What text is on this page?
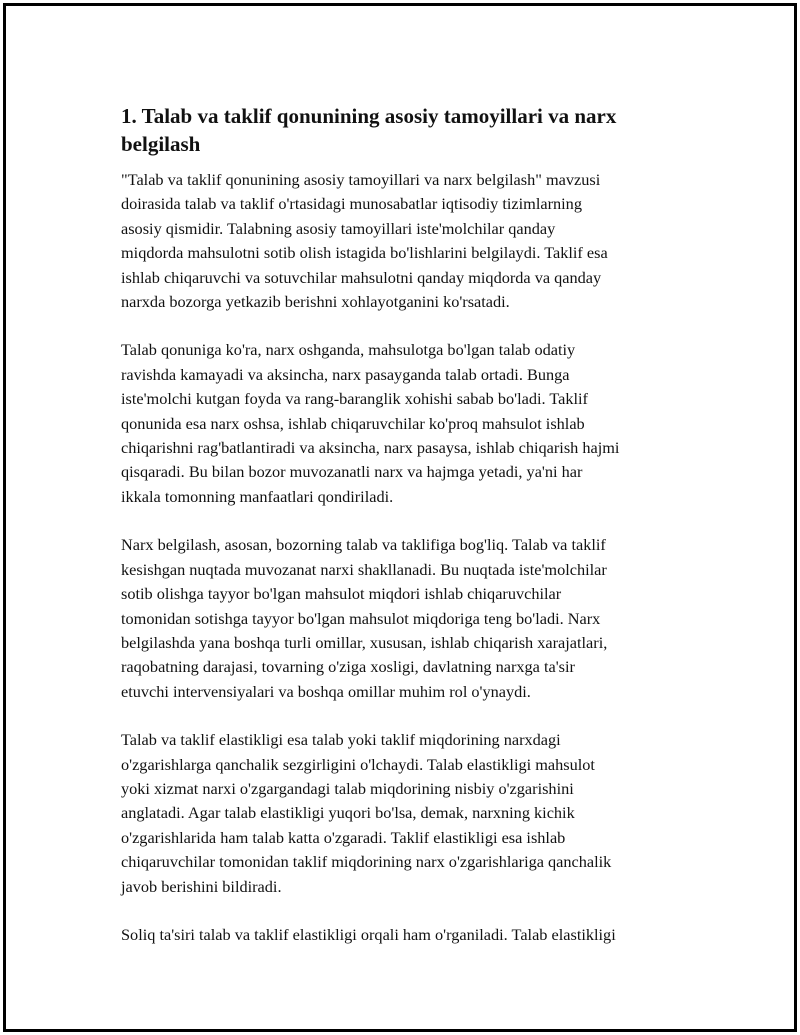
1. Talab va taklif qonunining asosiy tamoyillari va narx
belgilash

"Talab va taklif qonunining asosiy tamoyillari va narx belgilash" mavzusi
doirasida talab va taklif o'rtasidagi munosabatlar iqtisodiy tizimlarning
asosiy qismidir. Talabning asosiy tamoyillari iste'molchilar qanday
miqdorda mahsulotni sotib olish istagida bo'lishlarini belgilaydi. Taklif esa
ishlab chiqaruvchi va sotuvchilar mahsulotni qanday miqdorda va qanday
narxda bozorga yetkazib berishni xohlayotganini ko'rsatadi.

Talab qonuniga ko'ra, narx oshganda, mahsulotga bo'lgan talab odatiy
ravishda kamayadi va aksincha, narx pasayganda talab ortadi. Bunga
iste'molchi kutgan foyda va rang-baranglik xohishi sabab bo'ladi. Taklif
qonunida esa narx oshsa, ishlab chiqaruvchilar ko'proq mahsulot ishlab
chiqarishni rag'batlantiradi va aksincha, narx pasaysa, ishlab chiqarish hajmi
qisqaradi. Bu bilan bozor muvozanatli narx va hajmga yetadi, ya'ni har
ikkala tomonning manfaatlari qondiriladi.

Narx belgilash, asosan, bozorning talab va taklifiga bog'liq. Talab va taklif
kesishgan nuqtada muvozanat narxi shakllanadi. Bu nuqtada iste'molchilar
sotib olishga tayyor bo'lgan mahsulot miqdori ishlab chiqaruvchilar
tomonidan sotishga tayyor bo'lgan mahsulot miqdoriga teng bo'ladi. Narx
belgilashda yana boshqa turli omillar, xususan, ishlab chiqarish xarajatlari,
raqobatning darajasi, tovarning o'ziga xosligi, davlatning narxga ta'sir
etuvchi intervensiyalari va boshqa omillar muhim rol o'ynaydi.

Talab va taklif elastikligi esa talab yoki taklif miqdorining narxdagi
o'zgarishlarga qanchalik sezgirligini o'lchaydi. Talab elastikligi mahsulot
yoki xizmat narxi o'zgargandagi talab miqdorining nisbiy o'zgarishini
anglatadi. Agar talab elastikligi yuqori bo'lsa, demak, narxning kichik
o'zgarishlarida ham talab katta o'zgaradi. Taklif elastikligi esa ishlab
chiqaruvchilar tomonidan taklif miqdorining narx o'zgarishlariga qanchalik
javob berishini bildiradi.

Soliq ta'siri talab va taklif elastikligi orqali ham o'rganiladi. Talab elastikligi
